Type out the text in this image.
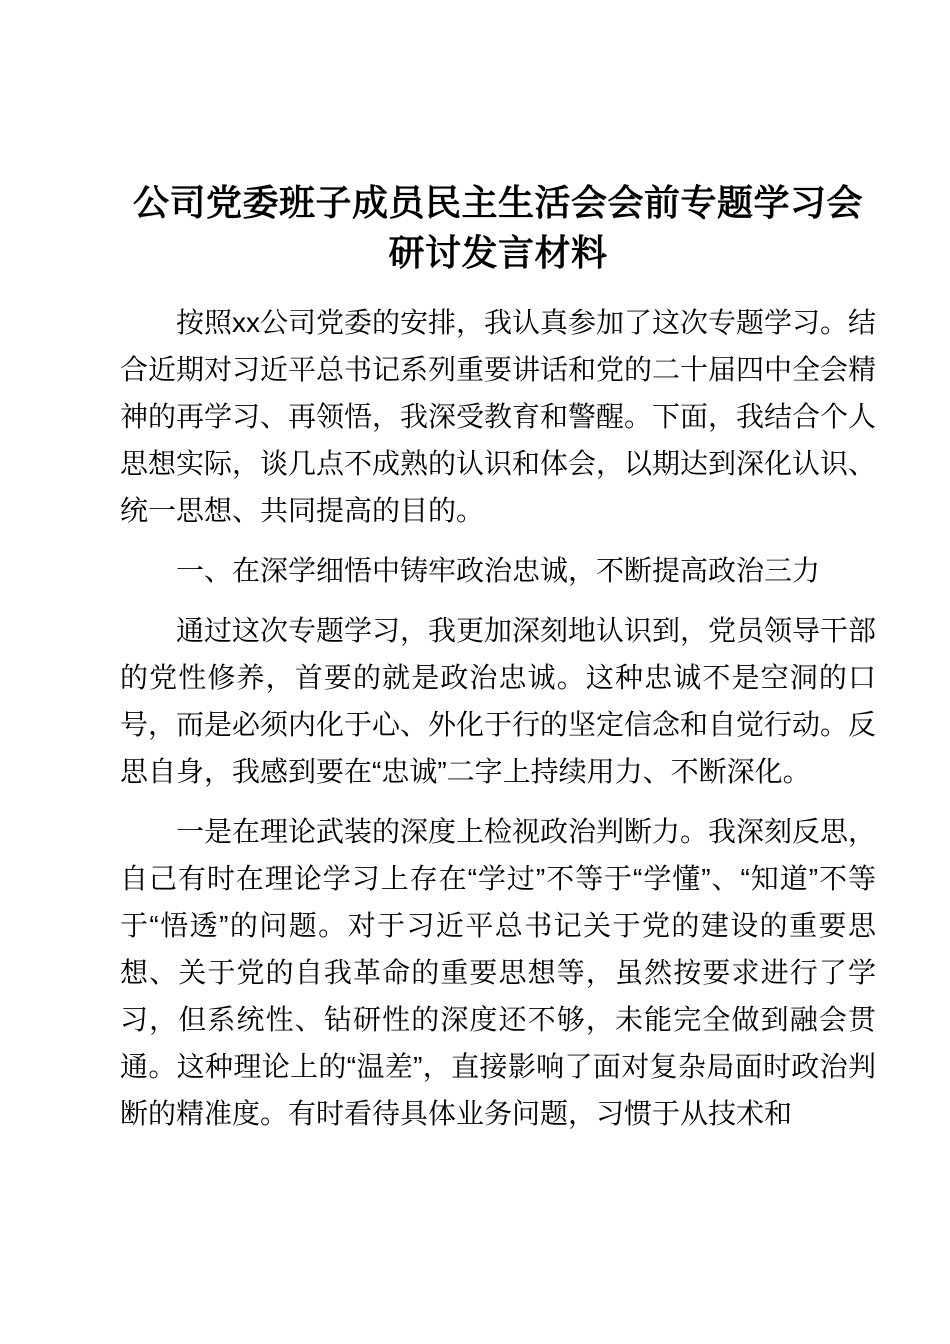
公司党委班子成员民主生活会会前专题学习会研讨发言材料

按照xx公司党委的安排，我认真参加了这次专题学习。结合近期对习近平总书记系列重要讲话和党的二十届四中全会精神的再学习、再领悟，我深受教育和警醒。下面，我结合个人思想实际，谈几点不成熟的认识和体会，以期达到深化认识、统一思想、共同提高的目的。

一、在深学细悟中铸牢政治忠诚，不断提高政治三力

通过这次专题学习，我更加深刻地认识到，党员领导干部的党性修养，首要的就是政治忠诚。这种忠诚不是空洞的口号，而是必须内化于心、外化于行的坚定信念和自觉行动。反思自身，我感到要在“忠诚”二字上持续用力、不断深化。

一是在理论武装的深度上检视政治判断力。我深刻反思，自己有时在理论学习上存在“学过”不等于“学懂”、“知道”不等于“悟透”的问题。对于习近平总书记关于党的建设的重要思想、关于党的自我革命的重要思想等，虽然按要求进行了学习，但系统性、钻研性的深度还不够，未能完全做到融会贯通。这种理论上的“温差”，直接影响了面对复杂局面时政治判断的精准度。有时看待具体业务问题，习惯于从技术和
